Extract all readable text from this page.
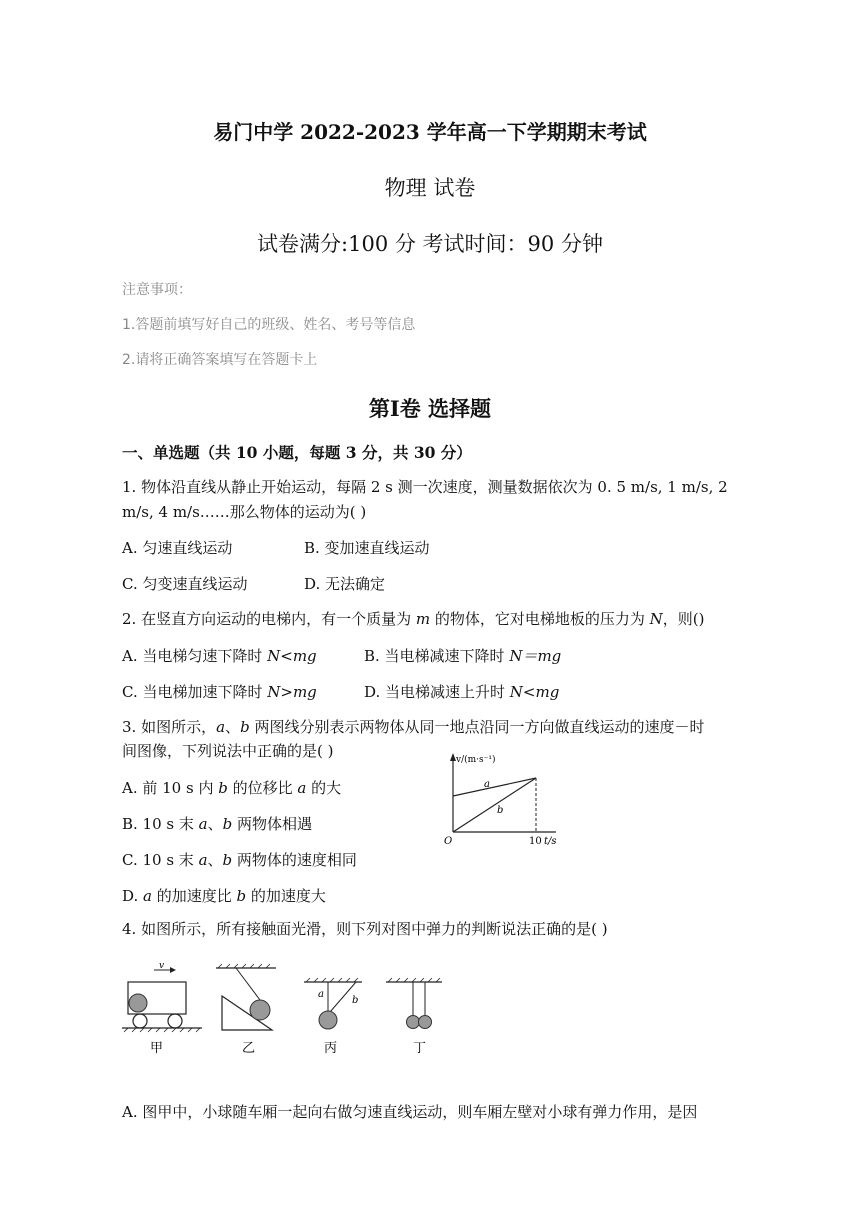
易门中学 2022-2023 学年高一下学期期末考试
物理 试卷
试卷满分:100 分 考试时间：90 分钟
注意事项：
1.答题前填写好自己的班级、姓名、考号等信息
2.请将正确答案填写在答题卡上
第Ⅰ卷 选择题
一、单选题（共 10 小题，每题 3 分，共 30 分）
1. 物体沿直线从静止开始运动，每隔 2 s 测一次速度，测量数据依次为 0. 5 m/s, 1 m/s, 2
m/s, 4 m/s……那么物体的运动为( )
A. 匀速直线运动	B. 变加速直线运动
C. 匀变速直线运动	D. 无法确定
2. 在竖直方向运动的电梯内，有一个质量为 m 的物体，它对电梯地板的压力为 N，则()
A. 当电梯匀速下降时 N<mg	B. 当电梯减速下降时 N＝mg
C. 当电梯加速下降时 N>mg	D. 当电梯减速上升时 N<mg
3. 如图所示，a、b 两图线分别表示两物体从同一地点沿同一方向做直线运动的速度－时
间图像，下列说法中正确的是( )
A. 前 10 s 内 b 的位移比 a 的大
B. 10 s 末 a、b 两物体相遇
C. 10 s 末 a、b 两物体的速度相同
D. a 的加速度比 b 的加速度大
v/(m·s⁻¹)
a
b
O	10 t/s
4. 如图所示，所有接触面光滑，则下列对图中弹力的判断说法正确的是( )
v
甲	乙
a
b
丙	丁
A. 图甲中，小球随车厢一起向右做匀速直线运动，则车厢左壁对小球有弹力作用，是因
